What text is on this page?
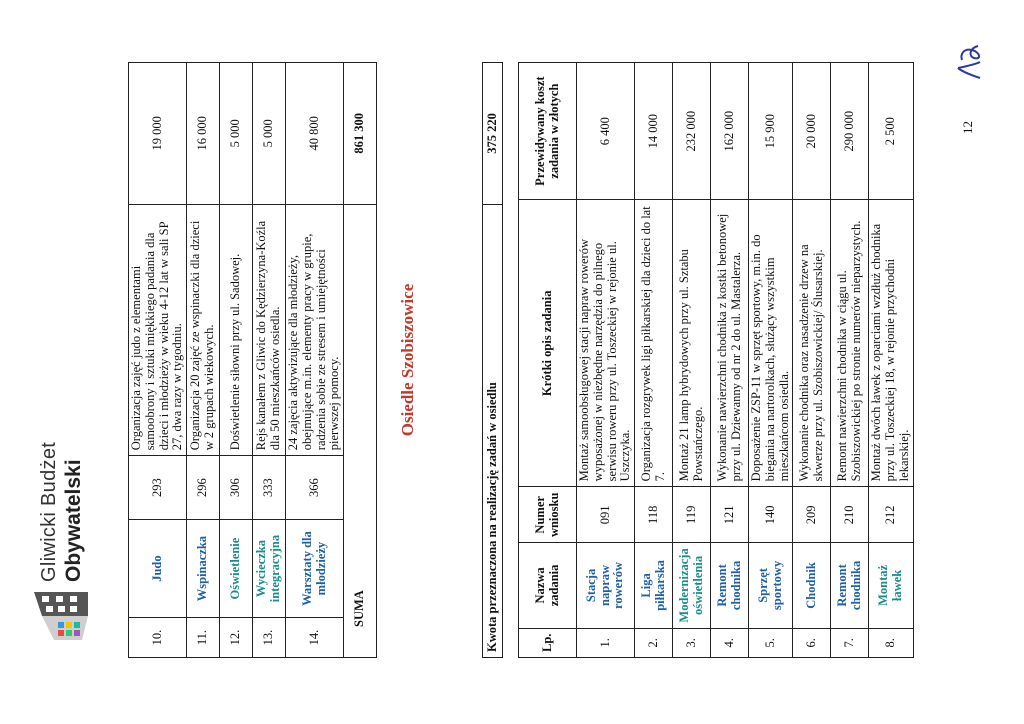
Gliwicki Budżet Obywatelski
10.	Judo	293	Organizacja zajęć judo z elementami samoobrony i sztuki miękkiego padania dla dzieci i młodzieży w wieku 4-12 lat w sali SP 27, dwa razy w tygodniu.	19 000
11.	Wspinaczka	296	Organizacja 20 zajęć ze wspinaczki dla dzieci w 2 grupach wiekowych.	16 000
12.	Oświetlenie	306	Doświetlenie siłowni przy ul. Sadowej.	5 000
13.	Wycieczka integracyjna	333	Rejs kanałem z Gliwic do Kędzierzyna-Koźla dla 50 mieszkańców osiedla.	5 000
14.	Warsztaty dla młodzieży	366	24 zajęcia aktywizujące dla młodzieży, obejmujące m.in. elementy pracy w grupie, radzenia sobie ze stresem i umiejętności pierwszej pomocy.	40 800
SUMA				861 300
Osiedle Szobiszowice
Kwota przeznaczona na realizację zadań w osiedlu	375 220
Lp.	Nazwa zadania	Numer wniosku	Krótki opis zadania	Przewidywany koszt zadania w złotych
1.	Stacja napraw rowerów	091	Montaż samoobsługowej stacji napraw rowerów wyposażonej w niezbędne narzędzia do pilnego serwisu roweru przy ul. Toszeckiej w rejonie ul. Uszczyka.	6 400
2.	Liga piłkarska	118	Organizacja rozgrywek ligi piłkarskiej dla dzieci do lat 7.	14 000
3.	Modernizacja oświetlenia	119	Montaż 21 lamp hybrydowych przy ul. Sztabu Powstańczego.	232 000
4.	Remont chodnika	121	Wykonanie nawierzchni chodnika z kostki betonowej przy ul. Dziewanny od nr 2 do ul. Mastalerza.	162 000
5.	Sprzęt sportowy	140	Doposażenie ZSP-11 w sprzęt sportowy, m.in. do biegania na nartorolkach, służący wszystkim mieszkańcom osiedla.	15 900
6.	Chodnik	209	Wykonanie chodnika oraz nasadzenie drzew na skwerze przy ul. Szobiszowickiej/ Ślusarskiej.	20 000
7.	Remont chodnika	210	Remont nawierzchni chodnika w ciągu ul. Szobiszowickiej po stronie numerów nieparzystych.	290 000
8.	Montaż ławek	212	Montaż dwóch ławek z oparciami wzdłuż chodnika przy ul. Toszeckiej 18, w rejonie przychodni lekarskiej.	2 500	12
